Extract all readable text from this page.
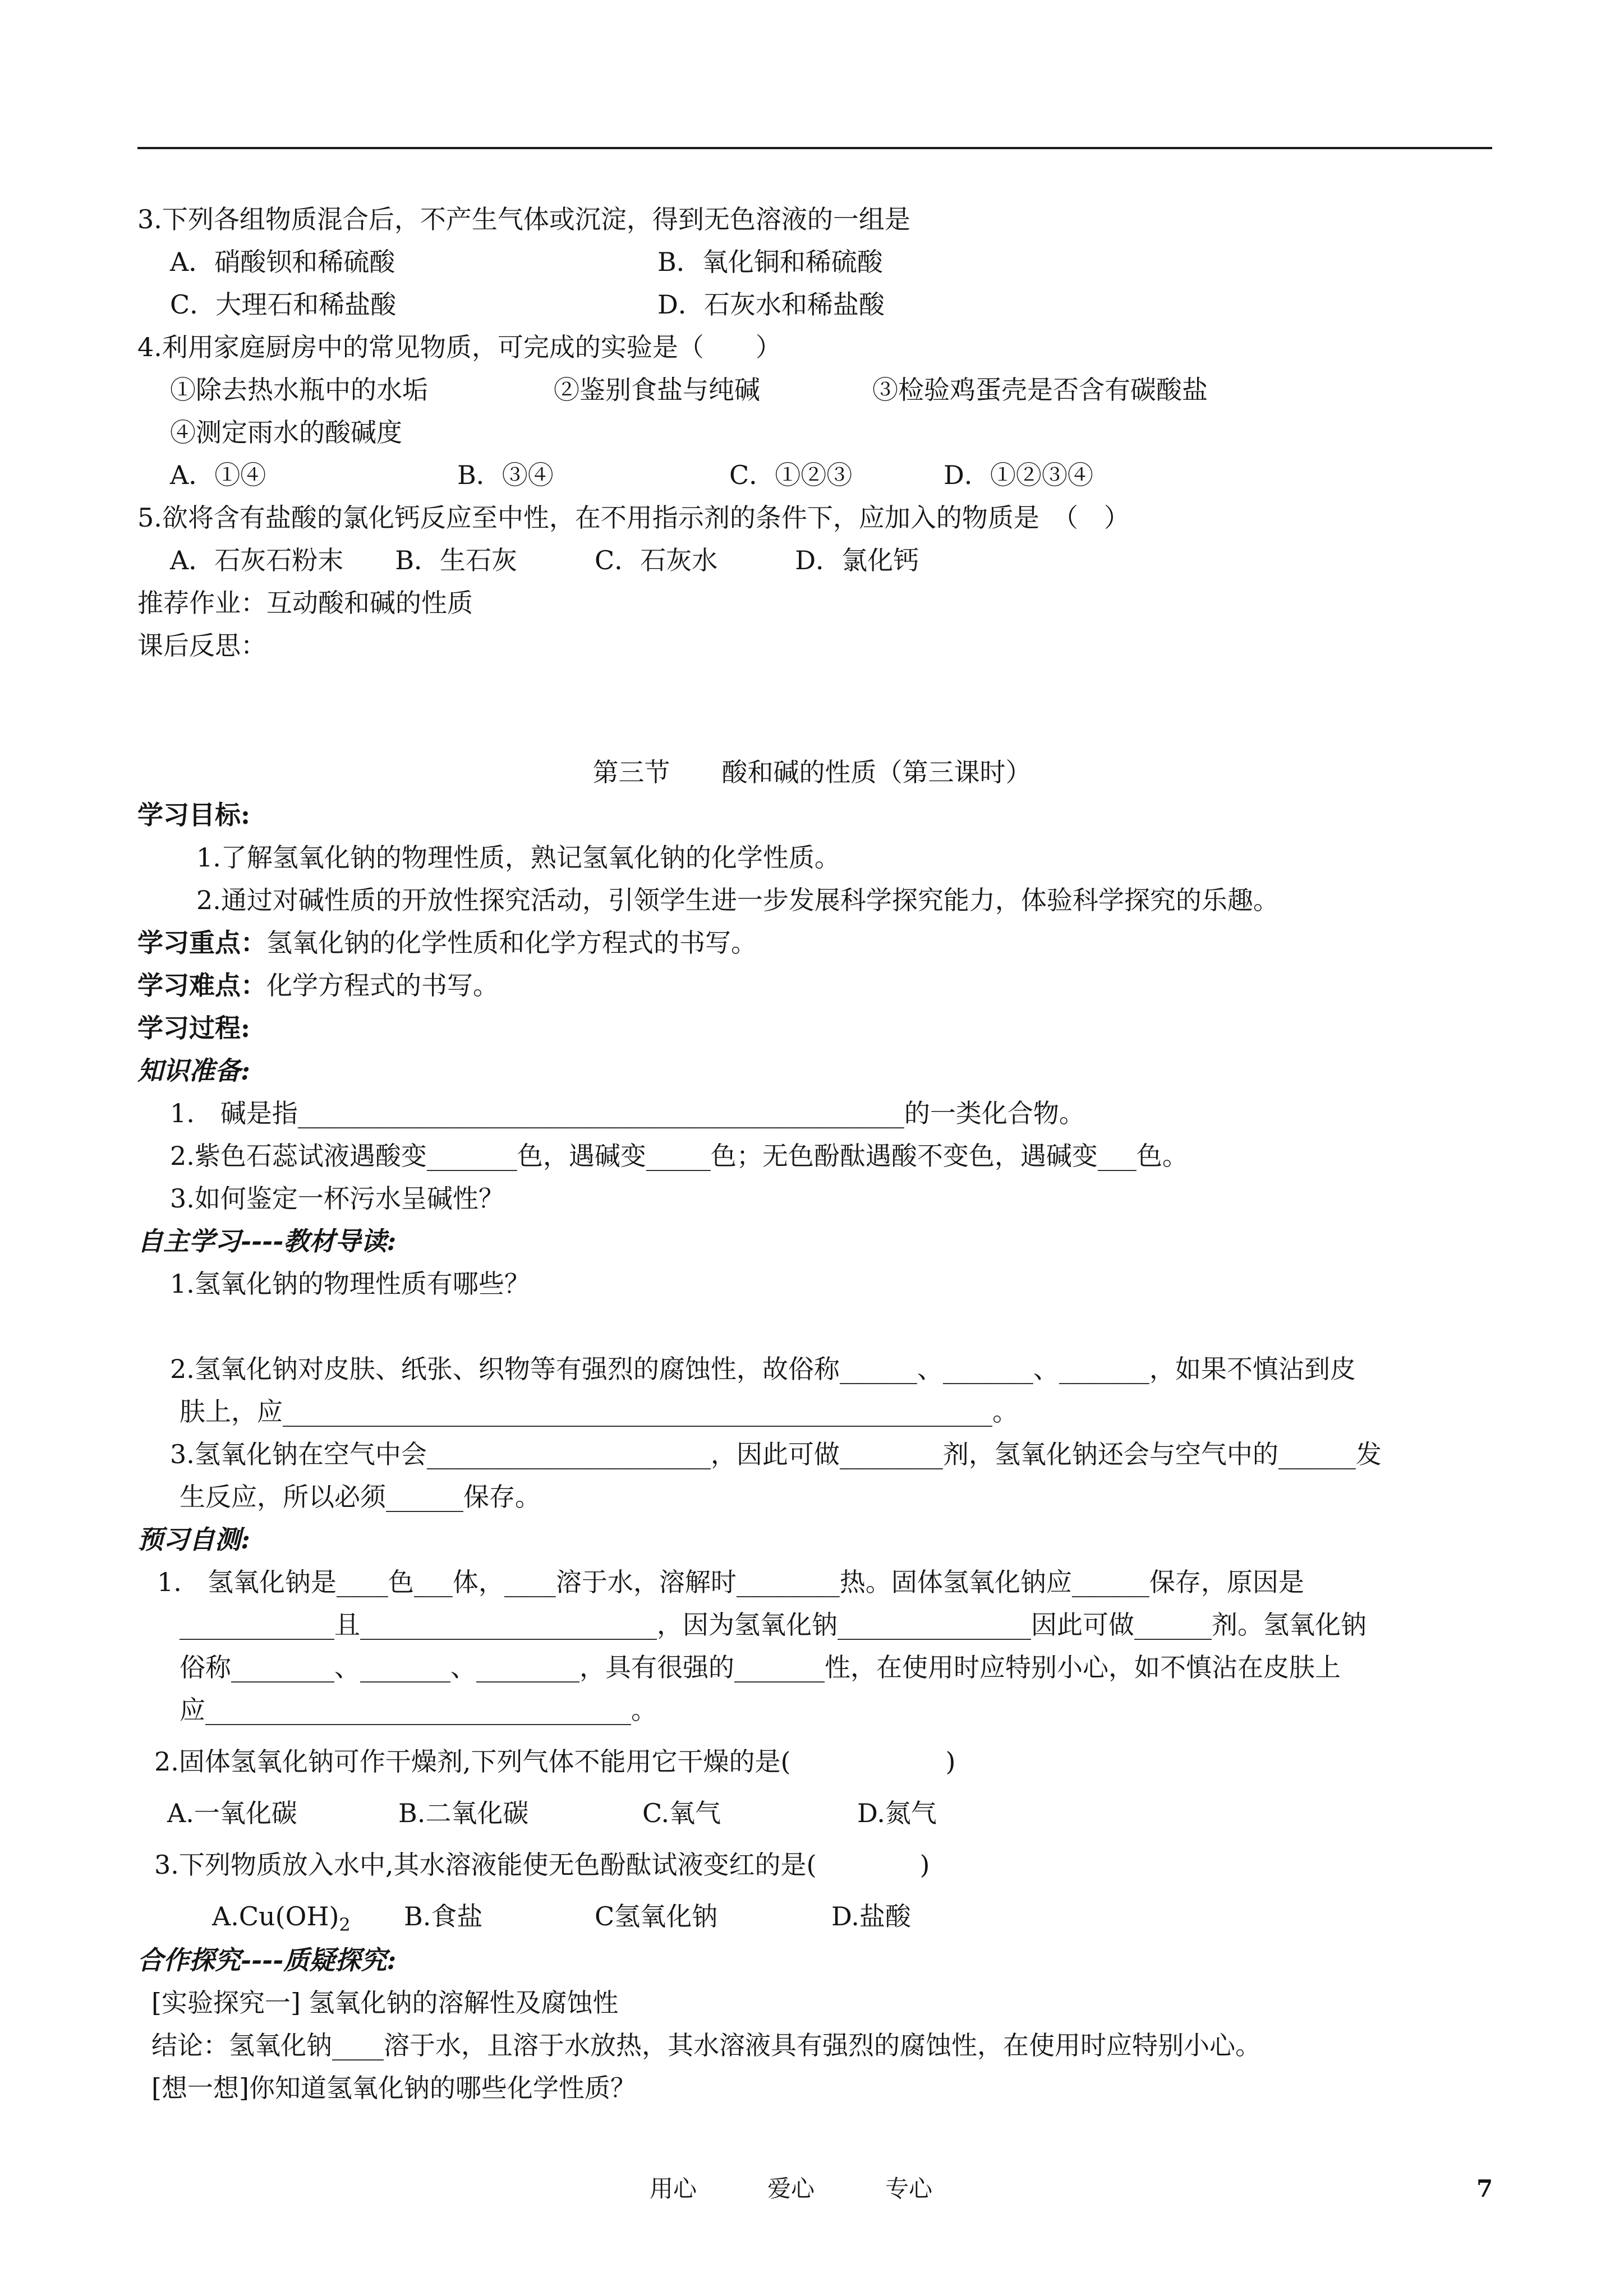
3.下列各组物质混合后，不产生气体或沉淀，得到无色溶液的一组是
A．硝酸钡和稀硫酸	B．氧化铜和稀硫酸
C．大理石和稀盐酸	D．石灰水和稀盐酸
4.利用家庭厨房中的常见物质，可完成的实验是（　　）
①除去热水瓶中的水垢	②鉴别食盐与纯碱	③检验鸡蛋壳是否含有碳酸盐
④测定雨水的酸碱度
A．①④	B．③④	C．①②③	D．①②③④
5.欲将含有盐酸的氯化钙反应至中性，在不用指示剂的条件下，应加入的物质是　（　）
A．石灰石粉末　　B．生石灰　　　C．石灰水　　　D．氯化钙
推荐作业：互动酸和碱的性质
课后反思：
第三节　　酸和碱的性质（第三课时）
学习目标:
1.了解氢氧化钠的物理性质，熟记氢氧化钠的化学性质。
2.通过对碱性质的开放性探究活动，引领学生进一步发展科学探究能力，体验科学探究的乐趣。
学习重点：氢氧化钠的化学性质和化学方程式的书写。
学习难点：化学方程式的书写。
学习过程:
知识准备:
1.　碱是指_______________________________________________的一类化合物。
2.紫色石蕊试液遇酸变_______色，遇碱变_____色；无色酚酞遇酸不变色，遇碱变___色。
3.如何鉴定一杯污水呈碱性？
自主学习----教材导读:
1.氢氧化钠的物理性质有哪些？
2.氢氧化钠对皮肤、纸张、织物等有强烈的腐蚀性，故俗称______、_______、_______，如果不慎沾到皮
肤上，应_______________________________________________________。
3.氢氧化钠在空气中会______________________，因此可做________剂，氢氧化钠还会与空气中的______发
生反应，所以必须______保存。
预习自测:
1.　氢氧化钠是____色___体，____溶于水，溶解时________热。固体氢氧化钠应______保存，原因是
____________且_______________________，因为氢氧化钠_______________因此可做______剂。氢氧化钠
俗称________、_______、________，具有很强的_______性，在使用时应特别小心，如不慎沾在皮肤上
应_________________________________。
2.固体氢氧化钠可作干燥剂,下列气体不能用它干燥的是(　　　　　　)
A.一氧化碳	B.二氧化碳	C.氧气	D.氮气
3.下列物质放入水中,其水溶液能使无色酚酞试液变红的是(　　　　)
$A.Cu(OH)_2$ B.食盐	C氢氧化钠	D.盐酸
合作探究----质疑探究:
[实验探究一] 氢氧化钠的溶解性及腐蚀性
结论：氢氧化钠____溶于水，且溶于水放热，其水溶液具有强烈的腐蚀性，在使用时应特别小心。
[想一想]你知道氢氧化钠的哪些化学性质？
用心　　　爱心　　　专心	7
